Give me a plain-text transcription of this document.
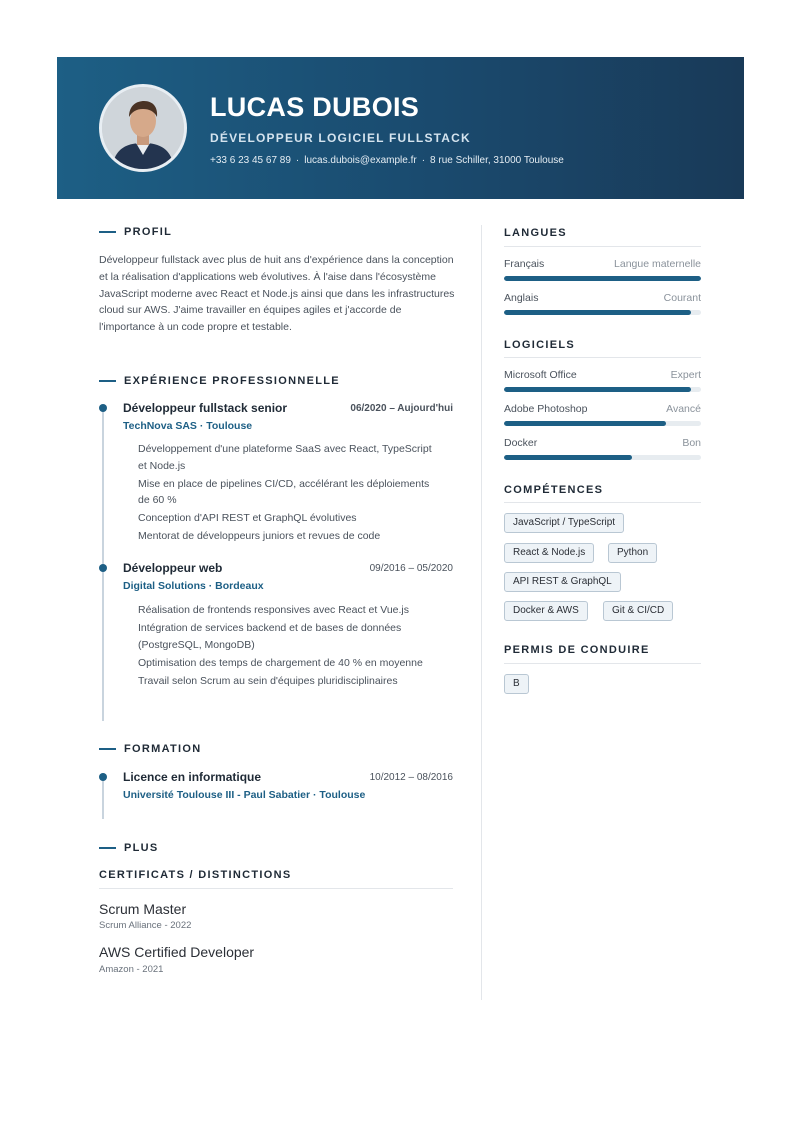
LUCAS DUBOIS
DÉVELOPPEUR LOGICIEL FULLSTACK
+33 6 23 45 67 89 · lucas.dubois@example.fr · 8 rue Schiller, 31000 Toulouse
PROFIL
Développeur fullstack avec plus de huit ans d'expérience dans la conception et la réalisation d'applications web évolutives. À l'aise dans l'écosystème JavaScript moderne avec React et Node.js ainsi que dans les infrastructures cloud sur AWS. J'aime travailler en équipes agiles et j'accorde de l'importance à un code propre et testable.
EXPÉRIENCE PROFESSIONNELLE
Développeur fullstack senior	06/2020 – Aujourd'hui
TechNova SAS · Toulouse
Développement d'une plateforme SaaS avec React, TypeScript et Node.js
Mise en place de pipelines CI/CD, accélérant les déploiements de 60 %
Conception d'API REST et GraphQL évolutives
Mentorat de développeurs juniors et revues de code
Développeur web	09/2016 – 05/2020
Digital Solutions · Bordeaux
Réalisation de frontends responsives avec React et Vue.js
Intégration de services backend et de bases de données (PostgreSQL, MongoDB)
Optimisation des temps de chargement de 40 % en moyenne
Travail selon Scrum au sein d'équipes pluridisciplinaires
FORMATION
Licence en informatique	10/2012 – 08/2016
Université Toulouse III - Paul Sabatier · Toulouse
PLUS
CERTIFICATS / DISTINCTIONS
Scrum Master
Scrum Alliance - 2022
AWS Certified Developer
Amazon - 2021
LANGUES
Français	Langue maternelle
Anglais	Courant
LOGICIELS
Microsoft Office	Expert
Adobe Photoshop	Avancé
Docker	Bon
COMPÉTENCES
JavaScript / TypeScript
React & Node.js	Python
API REST & GraphQL
Docker & AWS	Git & CI/CD
PERMIS DE CONDUIRE
B
